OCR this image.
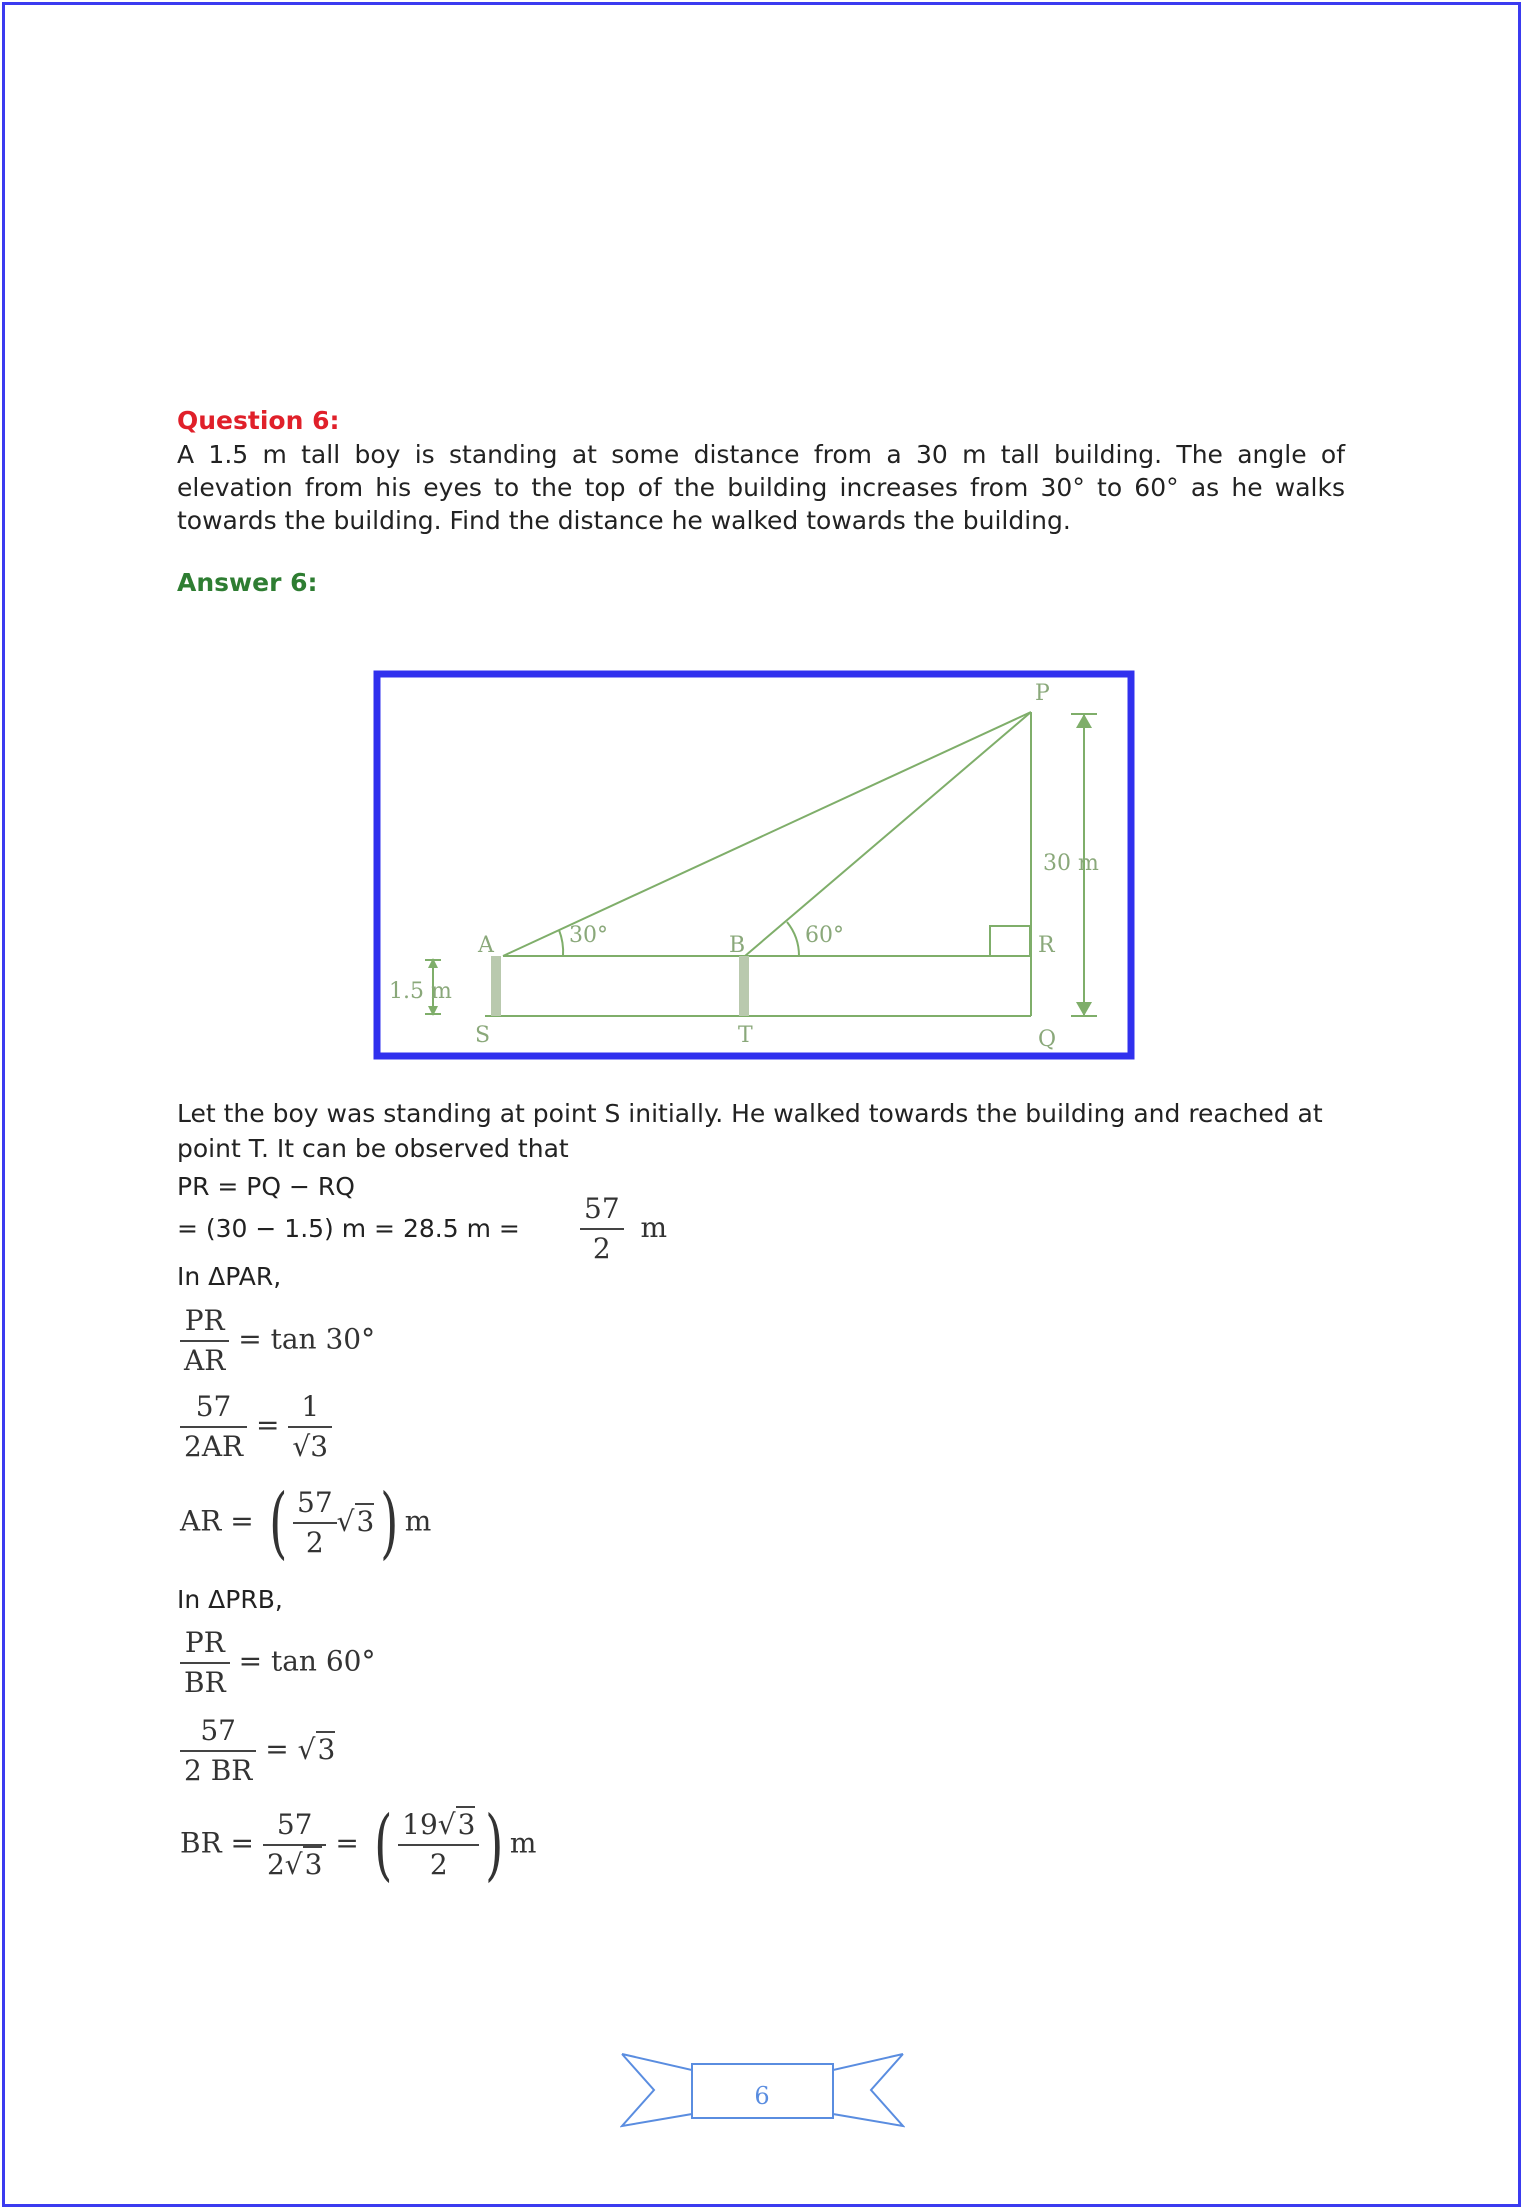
Question 6:
A 1.5 m tall boy is standing at some distance from a 30 m tall building. The angle of elevation from his eyes to the top of the building increases from 30° to 60° as he walks towards the building. Find the distance he walked towards the building.
Answer 6:
P
A	B	R
S	T	Q
30°	60°
30 m
1.5 m
Let the boy was standing at point S initially. He walked towards the building and reached at point T. It can be observed that
PR = PQ − RQ
= (30 − 1.5) m = 28.5 $m = \frac{57}{2}$ m
In ΔPAR,
$\frac{PR}{AR} = \tan 30^\circ$
$\frac{57}{2AR} = \frac{1}{√3}$
AR = ( $\frac{57}{2} √3$) m
In ΔPRB,
$\frac{PR}{BR} = \tan 60^\circ$
$\frac{57}{2 BR} = √3$
BR = $\frac{57}{2√3}$ = ( $\frac{19√3}{2}$ ) m
6
